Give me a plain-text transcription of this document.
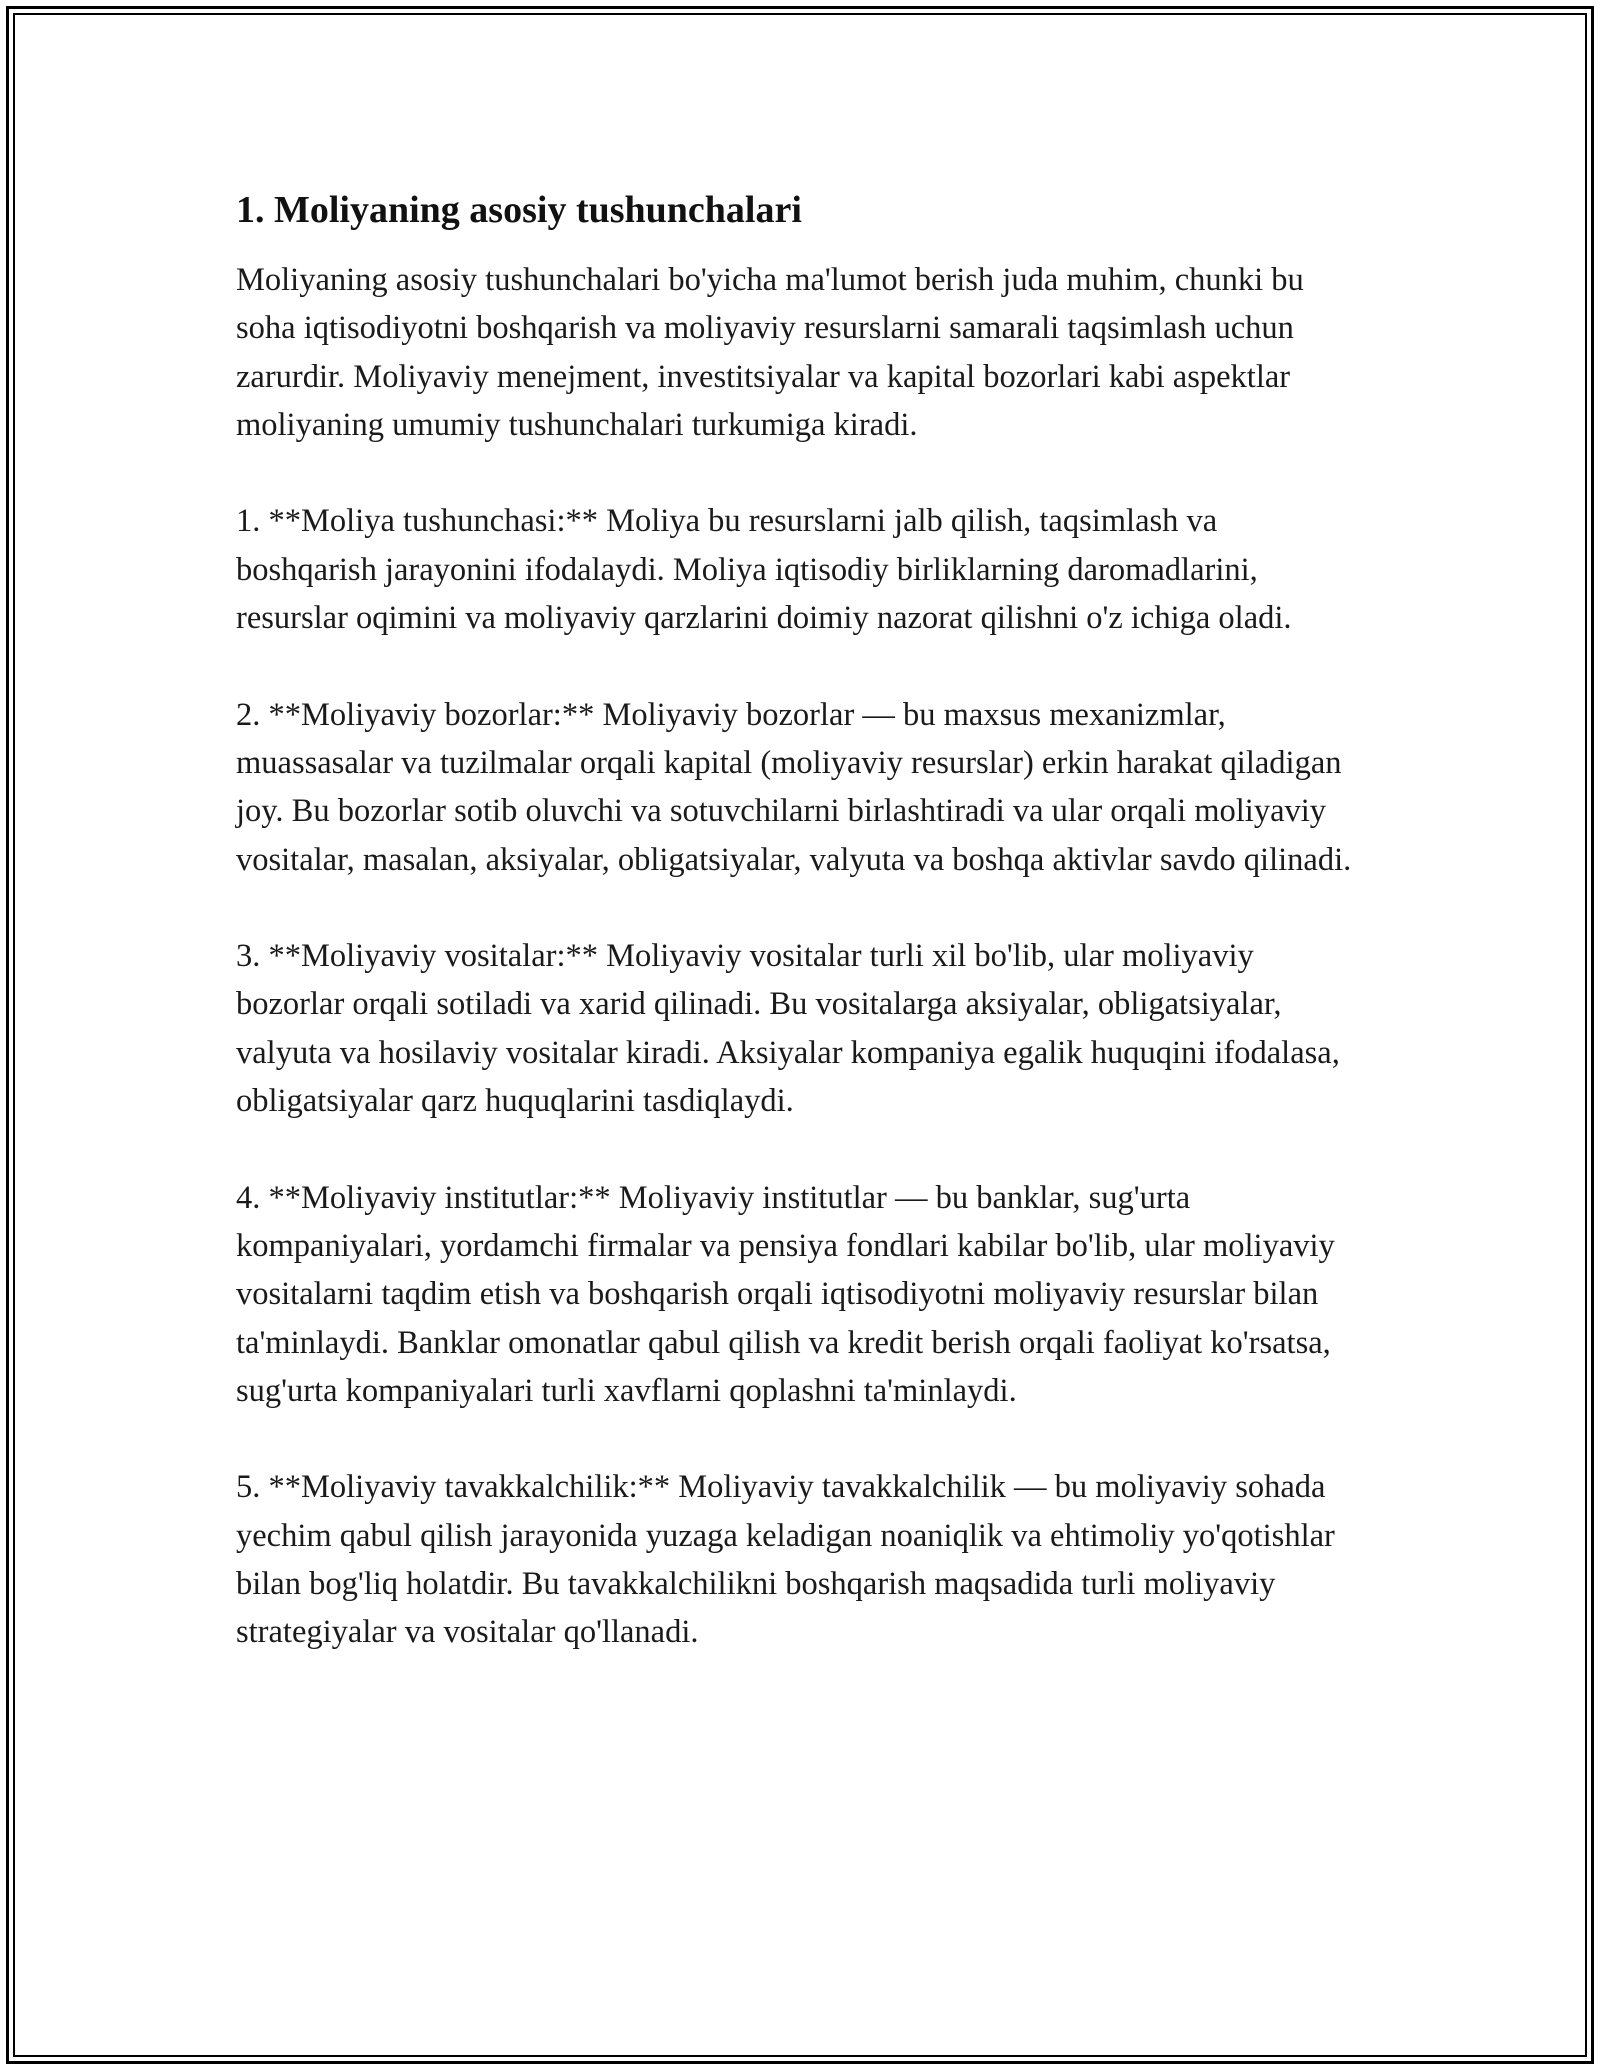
1. Moliyaning asosiy tushunchalari

Moliyaning asosiy tushunchalari bo'yicha ma'lumot berish juda muhim, chunki bu soha iqtisodiyotni boshqarish va moliyaviy resurslarni samarali taqsimlash uchun zarurdir. Moliyaviy menejment, investitsiyalar va kapital bozorlari kabi aspektlar moliyaning umumiy tushunchalari turkumiga kiradi.

1. **Moliya tushunchasi:** Moliya bu resurslarni jalb qilish, taqsimlash va boshqarish jarayonini ifodalaydi. Moliya iqtisodiy birliklarning daromadlarini, resurslar oqimini va moliyaviy qarzlarini doimiy nazorat qilishni o'z ichiga oladi.

2. **Moliyaviy bozorlar:** Moliyaviy bozorlar — bu maxsus mexanizmlar, muassasalar va tuzilmalar orqali kapital (moliyaviy resurslar) erkin harakat qiladigan joy. Bu bozorlar sotib oluvchi va sotuvchilarni birlashtiradi va ular orqali moliyaviy vositalar, masalan, aksiyalar, obligatsiyalar, valyuta va boshqa aktivlar savdo qilinadi.

3. **Moliyaviy vositalar:** Moliyaviy vositalar turli xil bo'lib, ular moliyaviy bozorlar orqali sotiladi va xarid qilinadi. Bu vositalarga aksiyalar, obligatsiyalar, valyuta va hosilaviy vositalar kiradi. Aksiyalar kompaniya egalik huquqini ifodalasa, obligatsiyalar qarz huquqlarini tasdiqlaydi.

4. **Moliyaviy institutlar:** Moliyaviy institutlar — bu banklar, sug'urta kompaniyalari, yordamchi firmalar va pensiya fondlari kabilar bo'lib, ular moliyaviy vositalarni taqdim etish va boshqarish orqali iqtisodiyotni moliyaviy resurslar bilan ta'minlaydi. Banklar omonatlar qabul qilish va kredit berish orqali faoliyat ko'rsatsa, sug'urta kompaniyalari turli xavflarni qoplashni ta'minlaydi.

5. **Moliyaviy tavakkalchilik:** Moliyaviy tavakkalchilik — bu moliyaviy sohada yechim qabul qilish jarayonida yuzaga keladigan noaniqlik va ehtimoliy yo'qotishlar bilan bog'liq holatdir. Bu tavakkalchilikni boshqarish maqsadida turli moliyaviy strategiyalar va vositalar qo'llanadi.
